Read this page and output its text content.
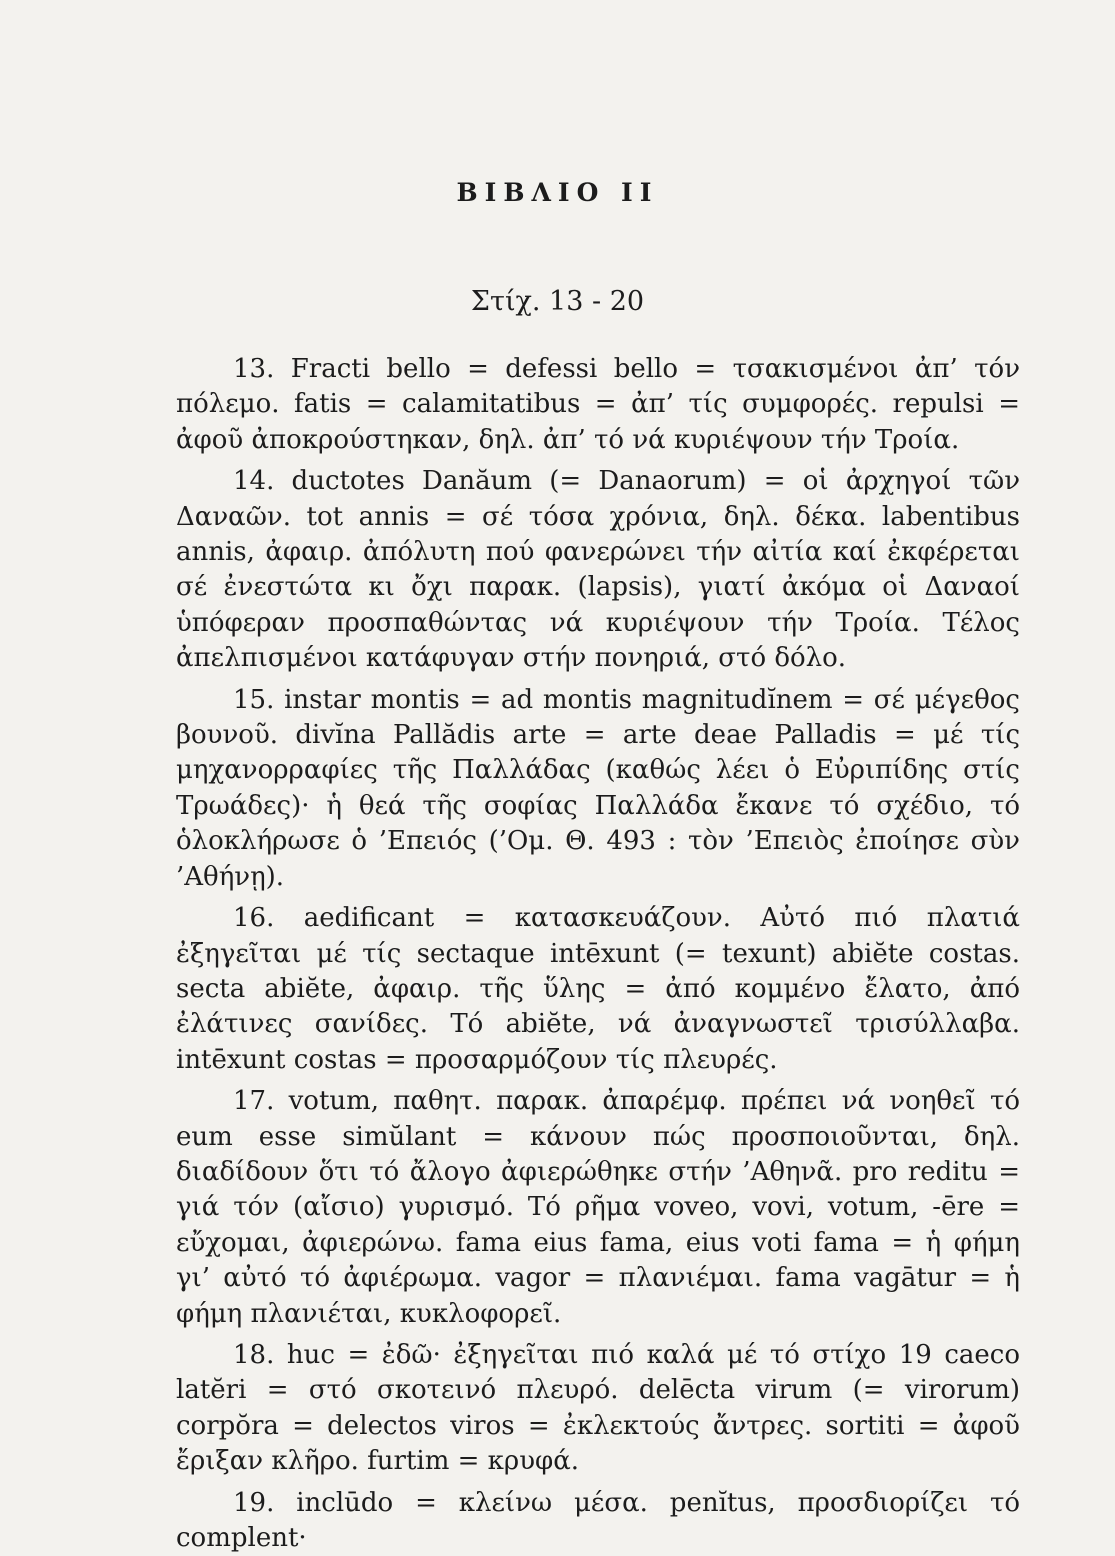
ΒΙΒΛΙΟ ΙΙ
Στίχ. 13 - 20

13. Fracti bello = defessi bello = τσακισμένοι ἀπ’ τόν πόλεμο. fatis = calamitatibus = ἀπ’ τίς συμφορές. repulsi = ἀφοῦ ἀποκρούστηκαν, δηλ. ἀπ’ τό νά κυριέψουν τήν Τροία.

14. ductotes Danăum (= Danaorum) = οἱ ἀρχηγοί τῶν Δαναῶν. tot annis = σέ τόσα χρόνια, δηλ. δέκα. labentibus annis, ἀφαιρ. ἀπόλυτη πού φανερώνει τήν αἰτία καί ἐκφέρεται σέ ἐνεστώτα κι ὄχι παρακ. (lapsis), γιατί ἀκόμα οἱ Δαναοί ὑπόφεραν προσπαθώντας νά κυριέψουν τήν Τροία. Τέλος ἀπελπισμένοι κατάφυγαν στήν πονηριά, στό δόλο.

15. instar montis = ad montis magnitudĭnem = σέ μέγεθος βουνοῦ. divĭna Pallădis arte = arte deae Palladis = μέ τίς μηχανορραφίες τῆς Παλλάδας (καθώς λέει ὁ Εὐριπίδης στίς Τρωάδες)· ἡ θεά τῆς σοφίας Παλλάδα ἔκανε τό σχέδιο, τό ὁλοκλήρωσε ὁ ’Επειός (’Ομ. Θ. 493 : τὸν ’Επειὸς ἐποίησε σὺν ’Αθήνῃ).

16. aedificant = κατασκευάζουν. Αὐτό πιό πλατιά ἐξηγεῖται μέ τίς sectaque intēxunt (= texunt) abiĕte costas. secta abiĕte, ἀφαιρ. τῆς ὕλης = ἀπό κομμένο ἔλατο, ἀπό ἐλάτινες σανίδες. Τό abiĕte, νά ἀναγνωστεῖ τρισύλλαβα. intēxunt costas = προσαρμόζουν τίς πλευρές.

17. votum, παθητ. παρακ. ἀπαρέμφ. πρέπει νά νοηθεῖ τό eum esse simŭlant = κάνουν πώς προσποιοῦνται, δηλ. διαδίδουν ὅτι τό ἄλογο ἀφιερώθηκε στήν ’Αθηνᾶ. pro reditu = γιά τόν (αἴσιο) γυρισμό. Τό ρῆμα voveo, vovi, votum, -ēre = εὔχομαι, ἀφιερώνω. fama eius fama, eius voti fama = ἡ φήμη γι’ αὐτό τό ἀφιέρωμα. vagor = πλανιέμαι. fama vagātur = ἡ φήμη πλανιέται, κυκλοφορεῖ.

18. huc = ἐδῶ· ἐξηγεῖται πιό καλά μέ τό στίχο 19 caeco latĕri = στό σκοτεινό πλευρό. delēcta virum (= virorum) corpŏra = delectos viros = ἐκλεκτούς ἄντρες. sortiti = ἀφοῦ ἔριξαν κλῆρο. furtim = κρυφά.

19. inclūdo = κλείνω μέσα. penĭtus, προσδιορίζει τό complent·
